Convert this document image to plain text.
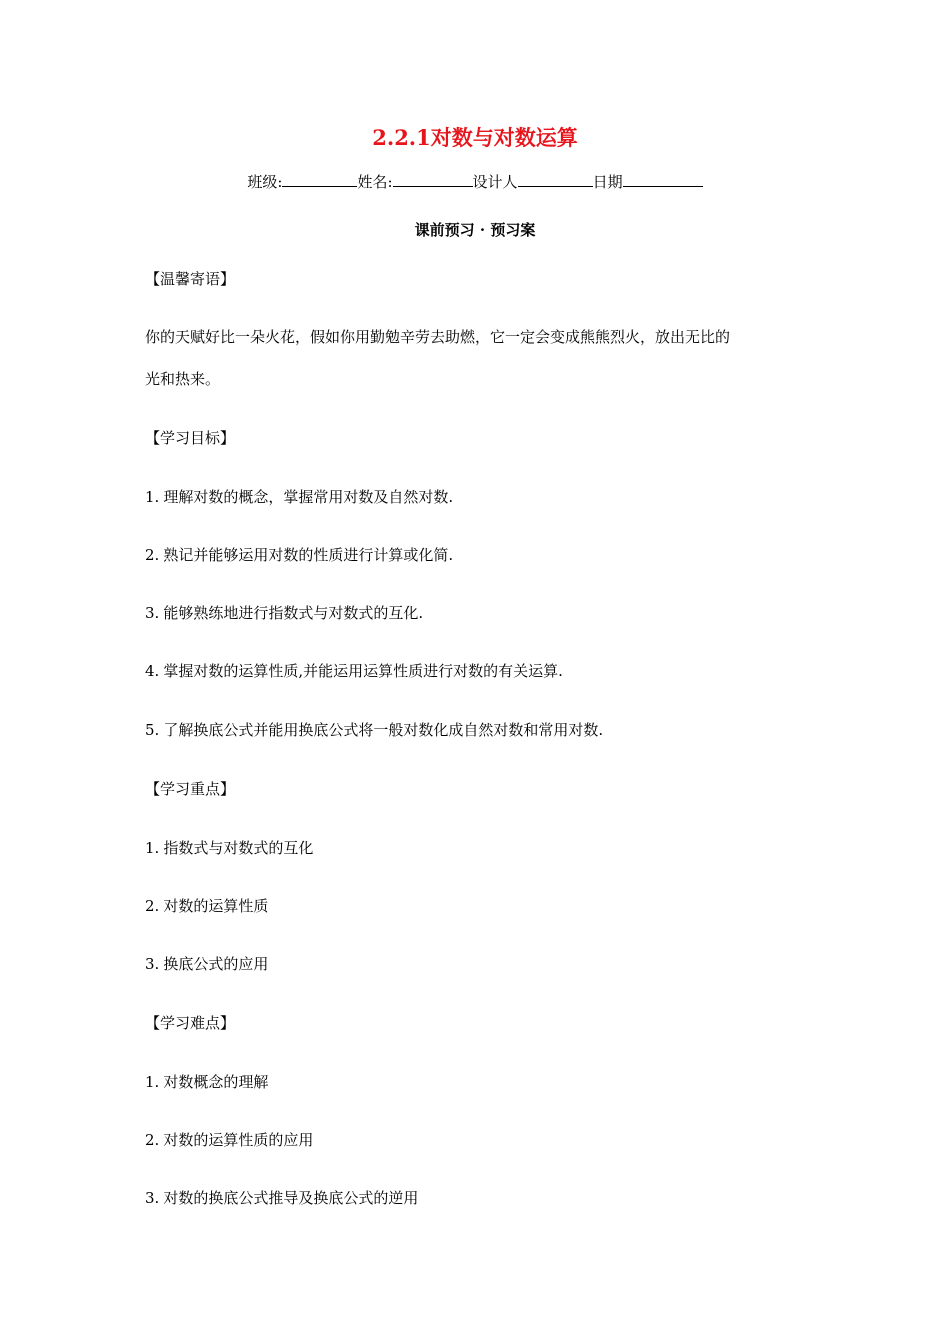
2.2.1对数与对数运算
班级:	姓名:	设计人	日期
课前预习 · 预习案
【温馨寄语】
你的天赋好比一朵火花，假如你用勤勉辛劳去助燃，它一定会变成熊熊烈火，放出无比的
光和热来。
【学习目标】
1. 理解对数的概念，掌握常用对数及自然对数.
2. 熟记并能够运用对数的性质进行计算或化简.
3. 能够熟练地进行指数式与对数式的互化.
4. 掌握对数的运算性质,并能运用运算性质进行对数的有关运算.
5. 了解换底公式并能用换底公式将一般对数化成自然对数和常用对数.
【学习重点】
1. 指数式与对数式的互化
2. 对数的运算性质
3. 换底公式的应用
【学习难点】
1. 对数概念的理解
2. 对数的运算性质的应用
3. 对数的换底公式推导及换底公式的逆用
